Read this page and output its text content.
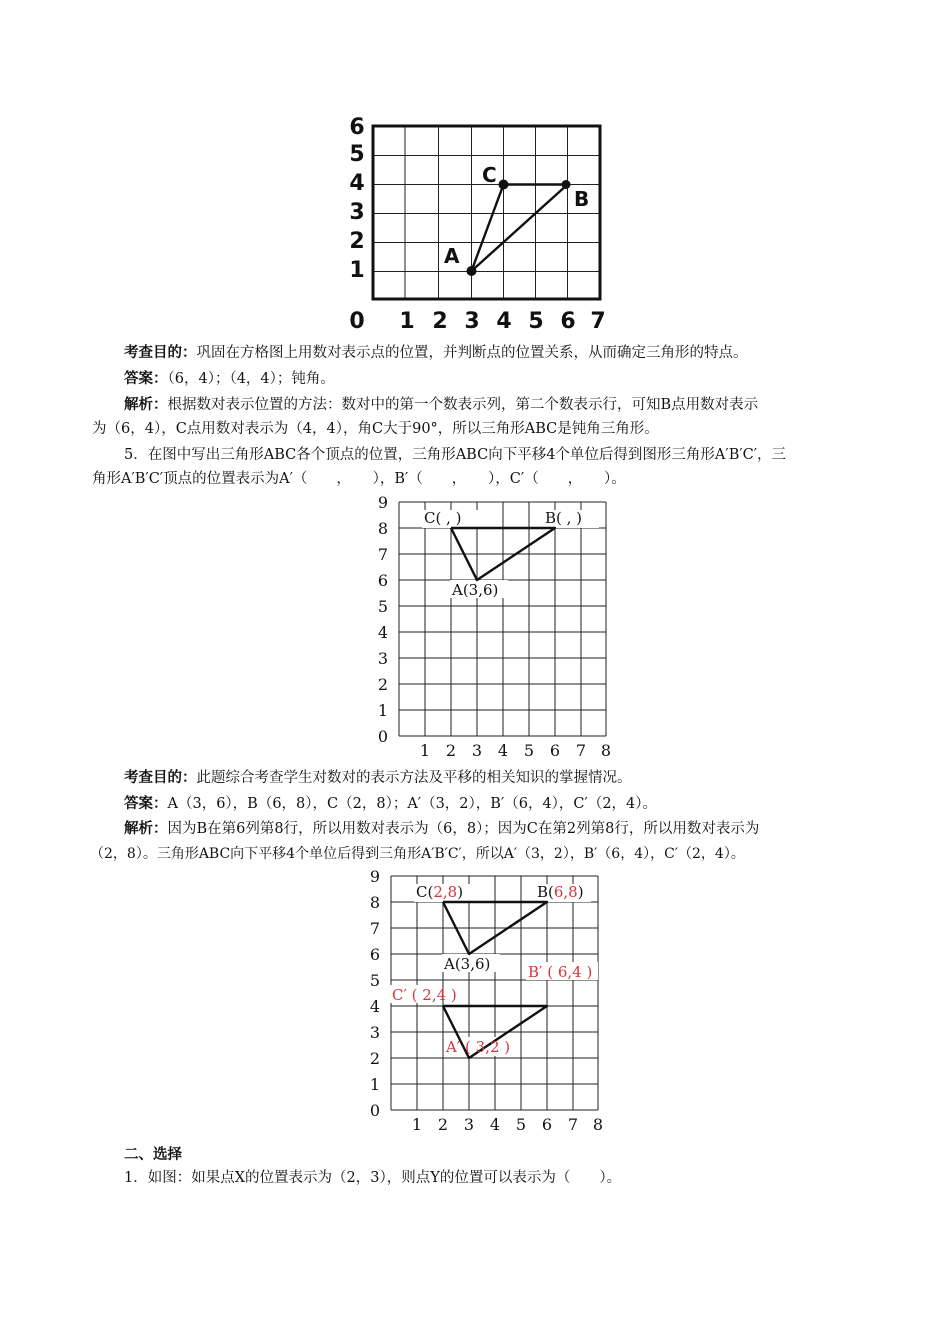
1
2
3
4
5
6
0 1 2 3 4 5 6 7
A
C
B
考查目的：巩固在方格图上用数对表示点的位置，并判断点的位置关系，从而确定三角形的特点。
答案：（6，4）；（4，4）；钝角。
解析：根据数对表示位置的方法：数对中的第一个数表示列，第二个数表示行，可知B点用数对表示
为（6，4），C点用数对表示为（4，4），角C大于90°，所以三角形ABC是钝角三角形。
5．在图中写出三角形ABC各个顶点的位置，三角形ABC向下平移4个单位后得到图形三角形A′B′C′，三
角形A′B′C′顶点的位置表示为A′（　　，　　），B′（　　，　　），C′（　　，　　）。
0
1
2
3
4
5
6
7
8
9
1 2 3 4 5 6 7 8
C( , )	B( , )
A(3,6)
考查目的：此题综合考查学生对数对的表示方法及平移的相关知识的掌握情况。
答案：A（3，6），B（6，8），C（2，8）；A′（3，2），B′（6，4），C′（2，4）。
解析：因为B在第6列第8行，所以用数对表示为（6，8）；因为C在第2列第8行，所以用数对表示为
（2，8）。三角形ABC向下平移4个单位后得到三角形A′B′C′，所以A′（3，2），B′（6，4），C′（2，4）。
0
1
2
3
4
5
6
7
8
9
1 2 3 4 5 6 7 8
C(2,8)	B(6,8)
A(3,6)	B′ ( 6,4 )
C′ ( 2,4 )
A′ ( 3,2 )
二、选择
1．如图：如果点X的位置表示为（2，3），则点Y的位置可以表示为（　　）。
